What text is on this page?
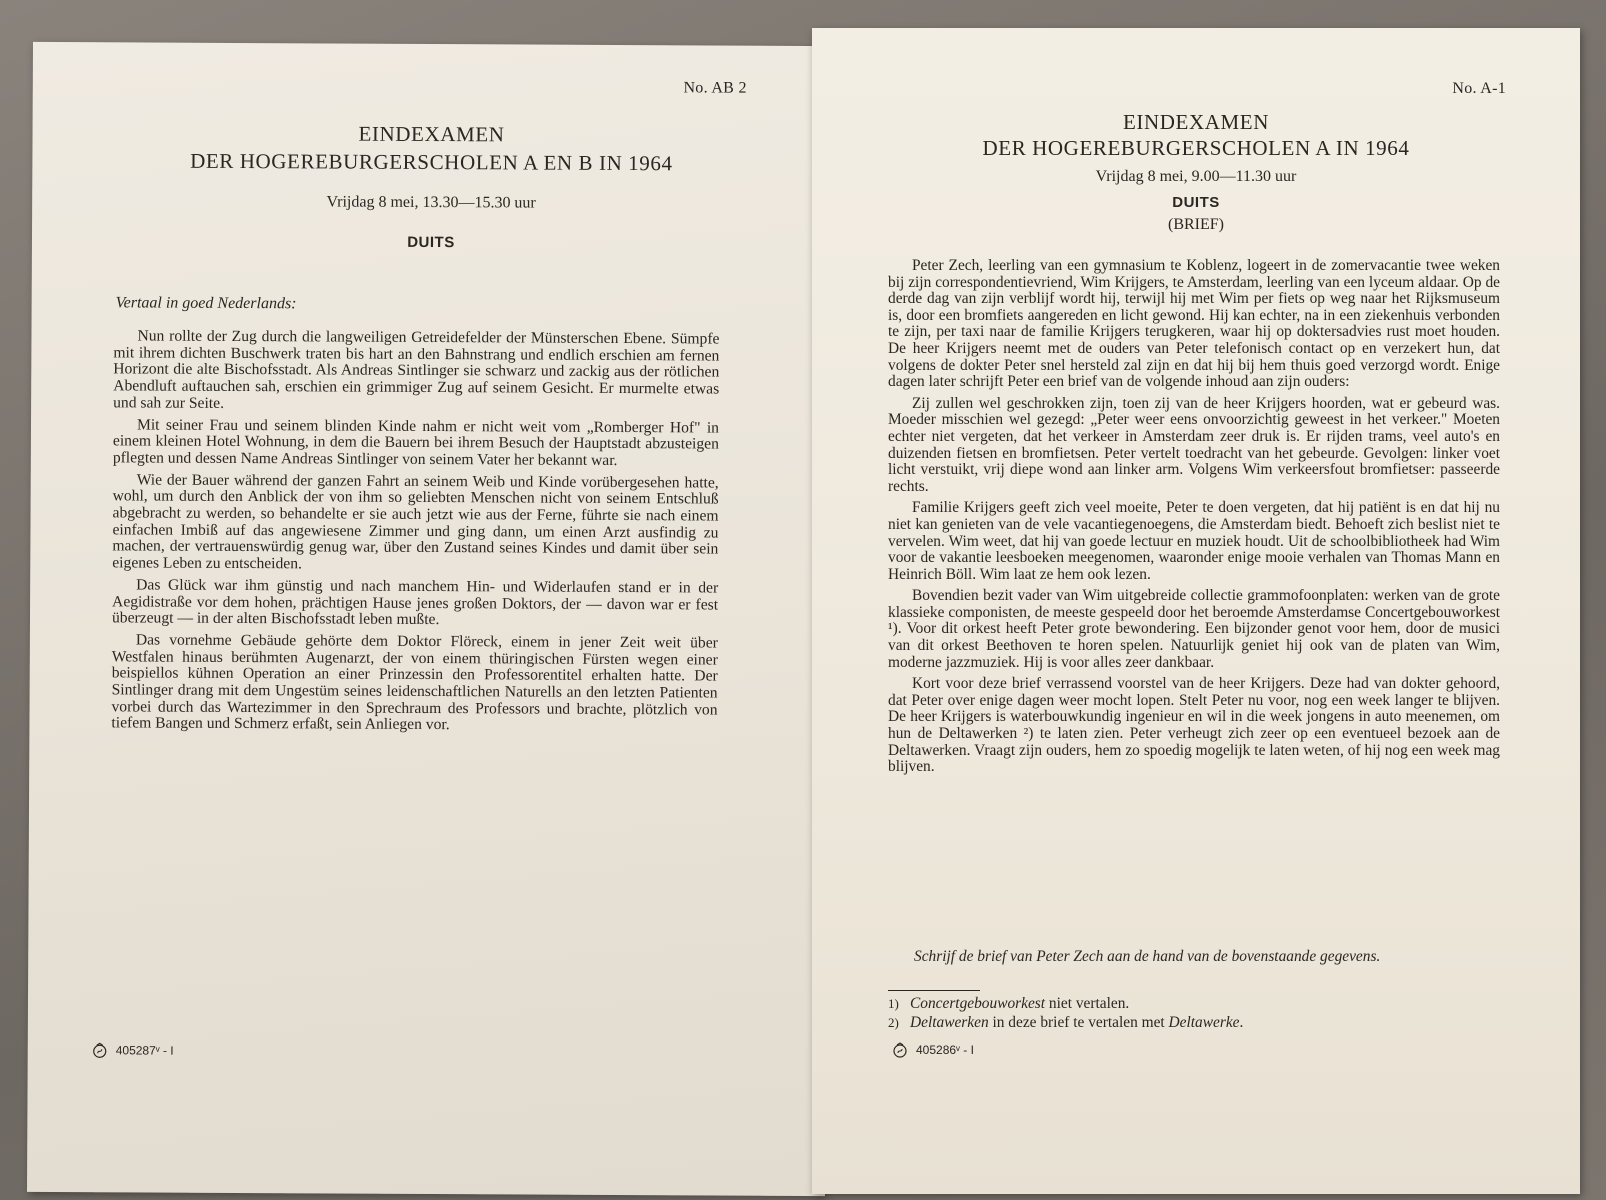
No. AB 2
EINDEXAMEN
DER HOGEREBURGERSCHOLEN A EN B IN 1964
Vrijdag 8 mei, 13.30—15.30 uur
DUITS
Vertaal in goed Nederlands:

Nun rollte der Zug durch die langweiligen Getreidefelder der Münsterschen Ebene. Sümpfe mit ihrem dichten Buschwerk traten bis hart an den Bahnstrang und endlich erschien am fernen Horizont die alte Bischofsstadt. Als Andreas Sintlinger sie schwarz und zackig aus der rötlichen Abendluft auftauchen sah, erschien ein grimmiger Zug auf seinem Gesicht. Er murmelte etwas und sah zur Seite.

Mit seiner Frau und seinem blinden Kinde nahm er nicht weit vom „Romberger Hof" in einem kleinen Hotel Wohnung, in dem die Bauern bei ihrem Besuch der Hauptstadt abzusteigen pflegten und dessen Name Andreas Sintlinger von seinem Vater her bekannt war.

Wie der Bauer während der ganzen Fahrt an seinem Weib und Kinde vorübergesehen hatte, wohl, um durch den Anblick der von ihm so geliebten Menschen nicht von seinem Entschluß abgebracht zu werden, so behandelte er sie auch jetzt wie aus der Ferne, führte sie nach einem einfachen Imbiß auf das angewiesene Zimmer und ging dann, um einen Arzt ausfindig zu machen, der vertrauenswürdig genug war, über den Zustand seines Kindes und damit über sein eigenes Leben zu entscheiden.

Das Glück war ihm günstig und nach manchem Hin- und Widerlaufen stand er in der Aegidistraße vor dem hohen, prächtigen Hause jenes großen Doktors, der — davon war er fest überzeugt — in der alten Bischofsstadt leben mußte.

Das vornehme Gebäude gehörte dem Doktor Flöreck, einem in jener Zeit weit über Westfalen hinaus berühmten Augenarzt, der von einem thüringischen Fürsten wegen einer beispiellos kühnen Operation an einer Prinzessin den Professorentitel erhalten hatte. Der Sintlinger drang mit dem Ungestüm seines leidenschaftlichen Naturells an den letzten Patienten vorbei durch das Wartezimmer in den Sprechraum des Professors und brachte, plötzlich von tiefem Bangen und Schmerz erfaßt, sein Anliegen vor.

405287ᵛ - I
No. A-1
EINDEXAMEN
DER HOGEREBURGERSCHOLEN A IN 1964
Vrijdag 8 mei, 9.00—11.30 uur
DUITS
(BRIEF)

Peter Zech, leerling van een gymnasium te Koblenz, logeert in de zomervacantie twee weken bij zijn correspondentievriend, Wim Krijgers, te Amsterdam, leerling van een lyceum aldaar. Op de derde dag van zijn verblijf wordt hij, terwijl hij met Wim per fiets op weg naar het Rijksmuseum is, door een bromfiets aangereden en licht gewond. Hij kan echter, na in een ziekenhuis verbonden te zijn, per taxi naar de familie Krijgers terugkeren, waar hij op doktersadvies rust moet houden. De heer Krijgers neemt met de ouders van Peter telefonisch contact op en verzekert hun, dat volgens de dokter Peter snel hersteld zal zijn en dat hij bij hem thuis goed verzorgd wordt. Enige dagen later schrijft Peter een brief van de volgende inhoud aan zijn ouders:

Zij zullen wel geschrokken zijn, toen zij van de heer Krijgers hoorden, wat er gebeurd was. Moeder misschien wel gezegd: „Peter weer eens onvoorzichtig geweest in het verkeer." Moeten echter niet vergeten, dat het verkeer in Amsterdam zeer druk is. Er rijden trams, veel auto's en duizenden fietsen en bromfietsen. Peter vertelt toedracht van het gebeurde. Gevolgen: linker voet licht verstuikt, vrij diepe wond aan linker arm. Volgens Wim verkeersfout bromfietser: passeerde rechts.

Familie Krijgers geeft zich veel moeite, Peter te doen vergeten, dat hij patiënt is en dat hij nu niet kan genieten van de vele vacantiegenoegens, die Amsterdam biedt. Behoeft zich beslist niet te vervelen. Wim weet, dat hij van goede lectuur en muziek houdt. Uit de schoolbibliotheek had Wim voor de vakantie leesboeken meegenomen, waaronder enige mooie verhalen van Thomas Mann en Heinrich Böll. Wim laat ze hem ook lezen.

Bovendien bezit vader van Wim uitgebreide collectie grammofoonplaten: werken van de grote klassieke componisten, de meeste gespeeld door het beroemde Amsterdamse Concertgebouworkest ¹). Voor dit orkest heeft Peter grote bewondering. Een bijzonder genot voor hem, door de musici van dit orkest Beethoven te horen spelen. Natuurlijk geniet hij ook van de platen van Wim, moderne jazzmuziek. Hij is voor alles zeer dankbaar.

Kort voor deze brief verrassend voorstel van de heer Krijgers. Deze had van dokter gehoord, dat Peter over enige dagen weer mocht lopen. Stelt Peter nu voor, nog een week langer te blijven. De heer Krijgers is waterbouwkundig ingenieur en wil in die week jongens in auto meenemen, om hun de Deltawerken ²) te laten zien. Peter verheugt zich zeer op een eventueel bezoek aan de Deltawerken. Vraagt zijn ouders, hem zo spoedig mogelijk te laten weten, of hij nog een week mag blijven.

Schrijf de brief van Peter Zech aan de hand van de bovenstaande gegevens.
1) Concertgebouworkest niet vertalen.
2) Deltawerken in deze brief te vertalen met Deltawerke.
405286ᵛ - I
